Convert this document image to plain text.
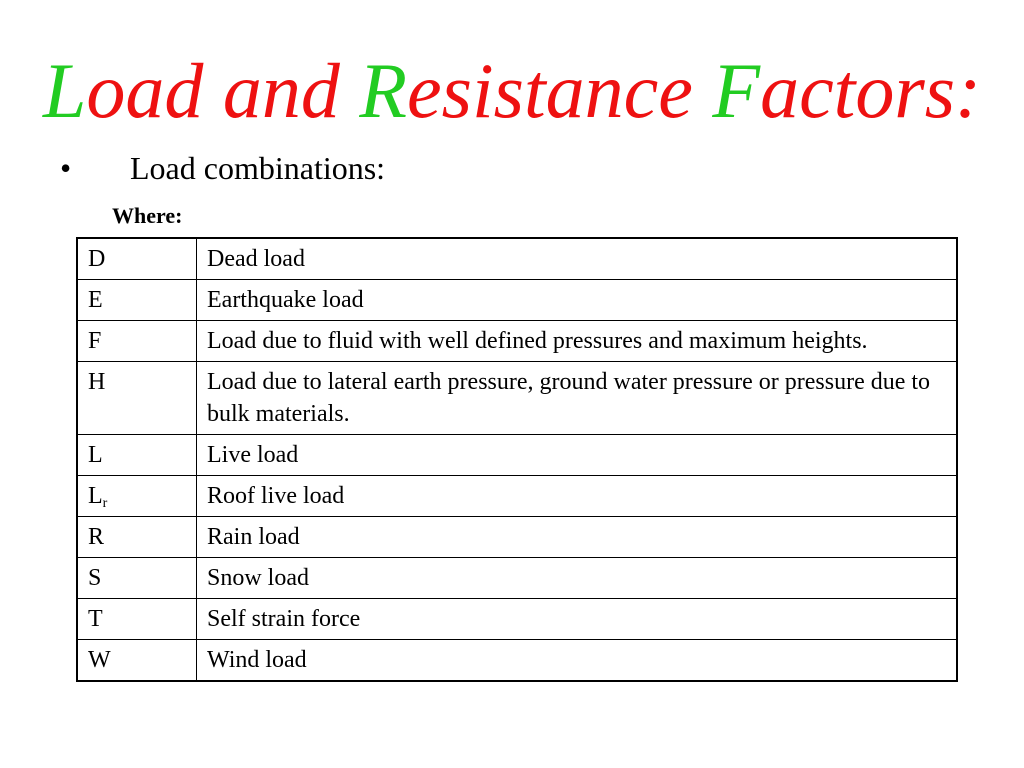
Load and Resistance Factors:
• Load combinations:
Where:
D	Dead load
E	Earthquake load
F	Load due to fluid with well defined pressures and maximum heights.
H	Load due to lateral earth pressure, ground water pressure or pressure due to bulk materials.
L	Live load
$L_r$	Roof live load
R	Rain load
S	Snow load
T	Self strain force
W	Wind load
